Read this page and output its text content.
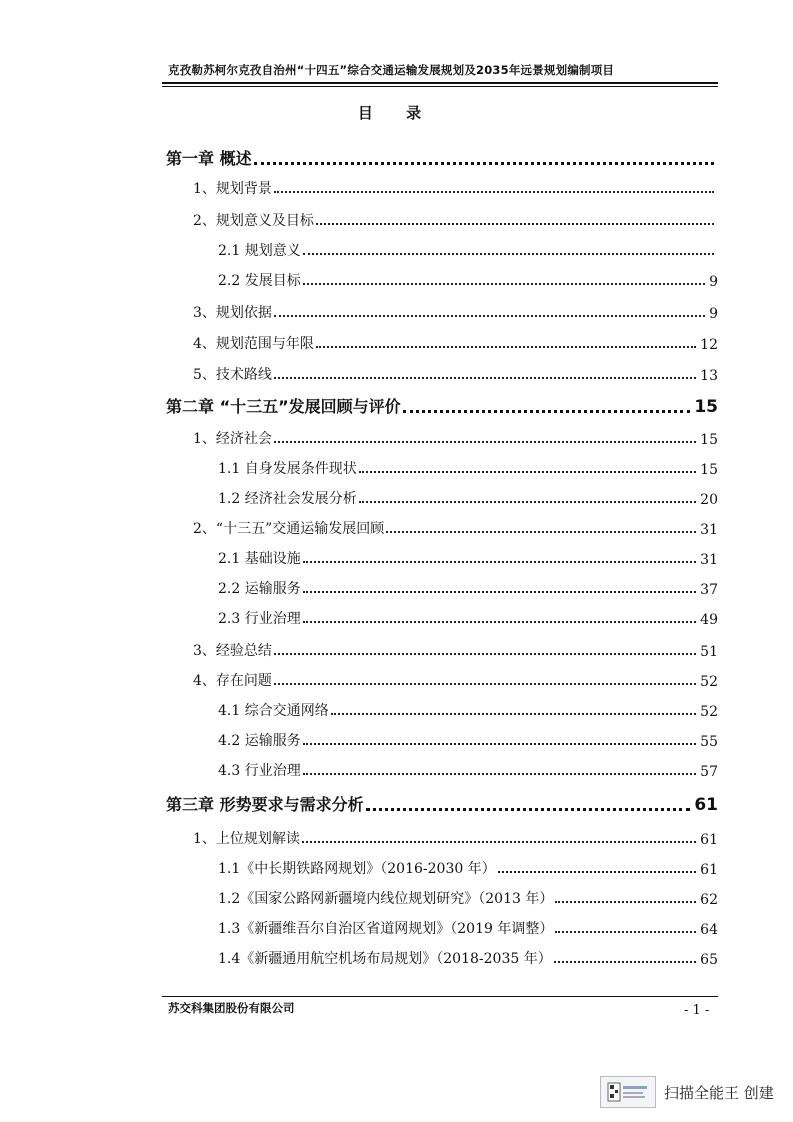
克孜勒苏柯尔克孜自治州“十四五”综合交通运输发展规划及2035年远景规划编制项目
目 录
第一章 概述
1、规划背景
2、规划意义及目标
2.1 规划意义
2.2 发展目标	9
3、规划依据	9
4、规划范围与年限	12
5、技术路线	13
第二章 “十三五”发展回顾与评价	15
1、经济社会	15
1.1 自身发展条件现状	15
1.2 经济社会发展分析	20
2、“十三五”交通运输发展回顾	31
2.1 基础设施	31
2.2 运输服务	37
2.3 行业治理	49
3、经验总结	51
4、存在问题	52
4.1 综合交通网络	52
4.2 运输服务	55
4.3 行业治理	57
第三章 形势要求与需求分析	61
1、上位规划解读	61
1.1《中长期铁路网规划》（2016-2030 年）	61
1.2《国家公路网新疆境内线位规划研究》（2013 年）	62
1.3《新疆维吾尔自治区省道网规划》（2019 年调整）	64
1.4《新疆通用航空机场布局规划》（2018-2035 年）	65
苏交科集团股份有限公司	- 1 -
扫描全能王 创建
